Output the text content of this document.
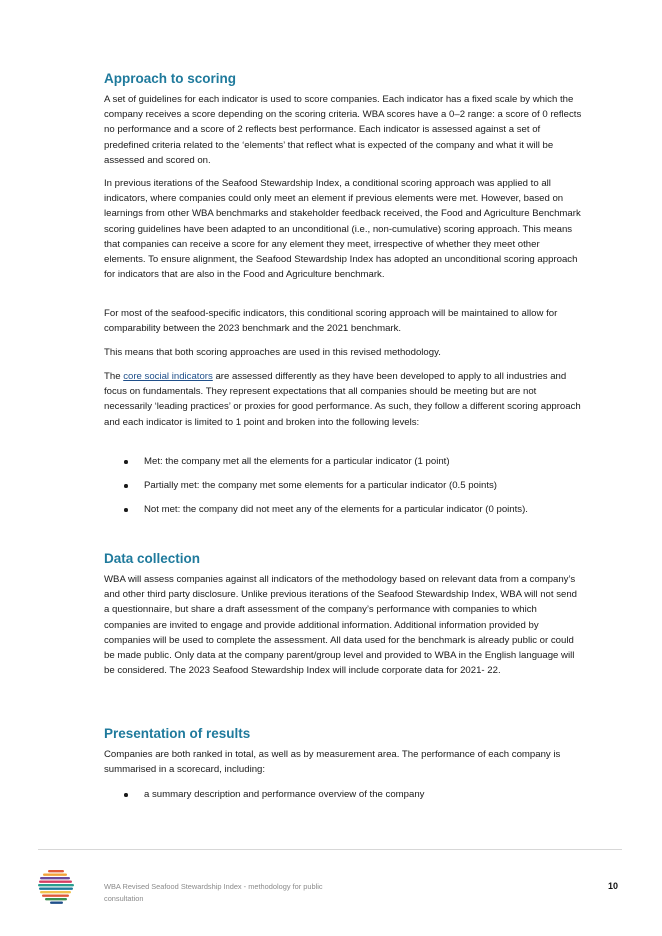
Approach to scoring

A set of guidelines for each indicator is used to score companies. Each indicator has a fixed scale by which the company receives a score depending on the scoring criteria. WBA scores have a 0–2 range: a score of 0 reflects no performance and a score of 2 reflects best performance. Each indicator is assessed against a set of predefined criteria related to the ‘elements’ that reflect what is expected of the company and what it will be assessed and scored on.

In previous iterations of the Seafood Stewardship Index, a conditional scoring approach was applied to all indicators, where companies could only meet an element if previous elements were met. However, based on learnings from other WBA benchmarks and stakeholder feedback received, the Food and Agriculture Benchmark scoring guidelines have been adapted to an unconditional (i.e., non-cumulative) scoring approach. This means that companies can receive a score for any element they meet, irrespective of whether they meet other elements. To ensure alignment, the Seafood Stewardship Index has adopted an unconditional scoring approach for indicators that are also in the Food and Agriculture benchmark.

For most of the seafood-specific indicators, this conditional scoring approach will be maintained to allow for comparability between the 2023 benchmark and the 2021 benchmark.

This means that both scoring approaches are used in this revised methodology.

The core social indicators are assessed differently as they have been developed to apply to all industries and focus on fundamentals. They represent expectations that all companies should be meeting but are not necessarily ‘leading practices’ or proxies for good performance. As such, they follow a different scoring approach and each indicator is limited to 1 point and broken into the following levels:

Met: the company met all the elements for a particular indicator (1 point)
Partially met: the company met some elements for a particular indicator (0.5 points)
Not met: the company did not meet any of the elements for a particular indicator (0 points).
Data collection

WBA will assess companies against all indicators of the methodology based on relevant data from a company’s and other third party disclosure. Unlike previous iterations of the Seafood Stewardship Index, WBA will not send a questionnaire, but share a draft assessment of the company’s performance with companies to which companies are invited to engage and provide additional information. Additional information provided by companies will be used to complete the assessment. All data used for the benchmark is already public or could be made public. Only data at the company parent/group level and provided to WBA in the English language will be considered. The 2023 Seafood Stewardship Index will include corporate data for 2021- 22.

Presentation of results

Companies are both ranked in total, as well as by measurement area. The performance of each company is summarised in a scorecard, including:

a summary description and performance overview of the company
WBA Revised Seafood Stewardship Index - methodology for public consultation
10
